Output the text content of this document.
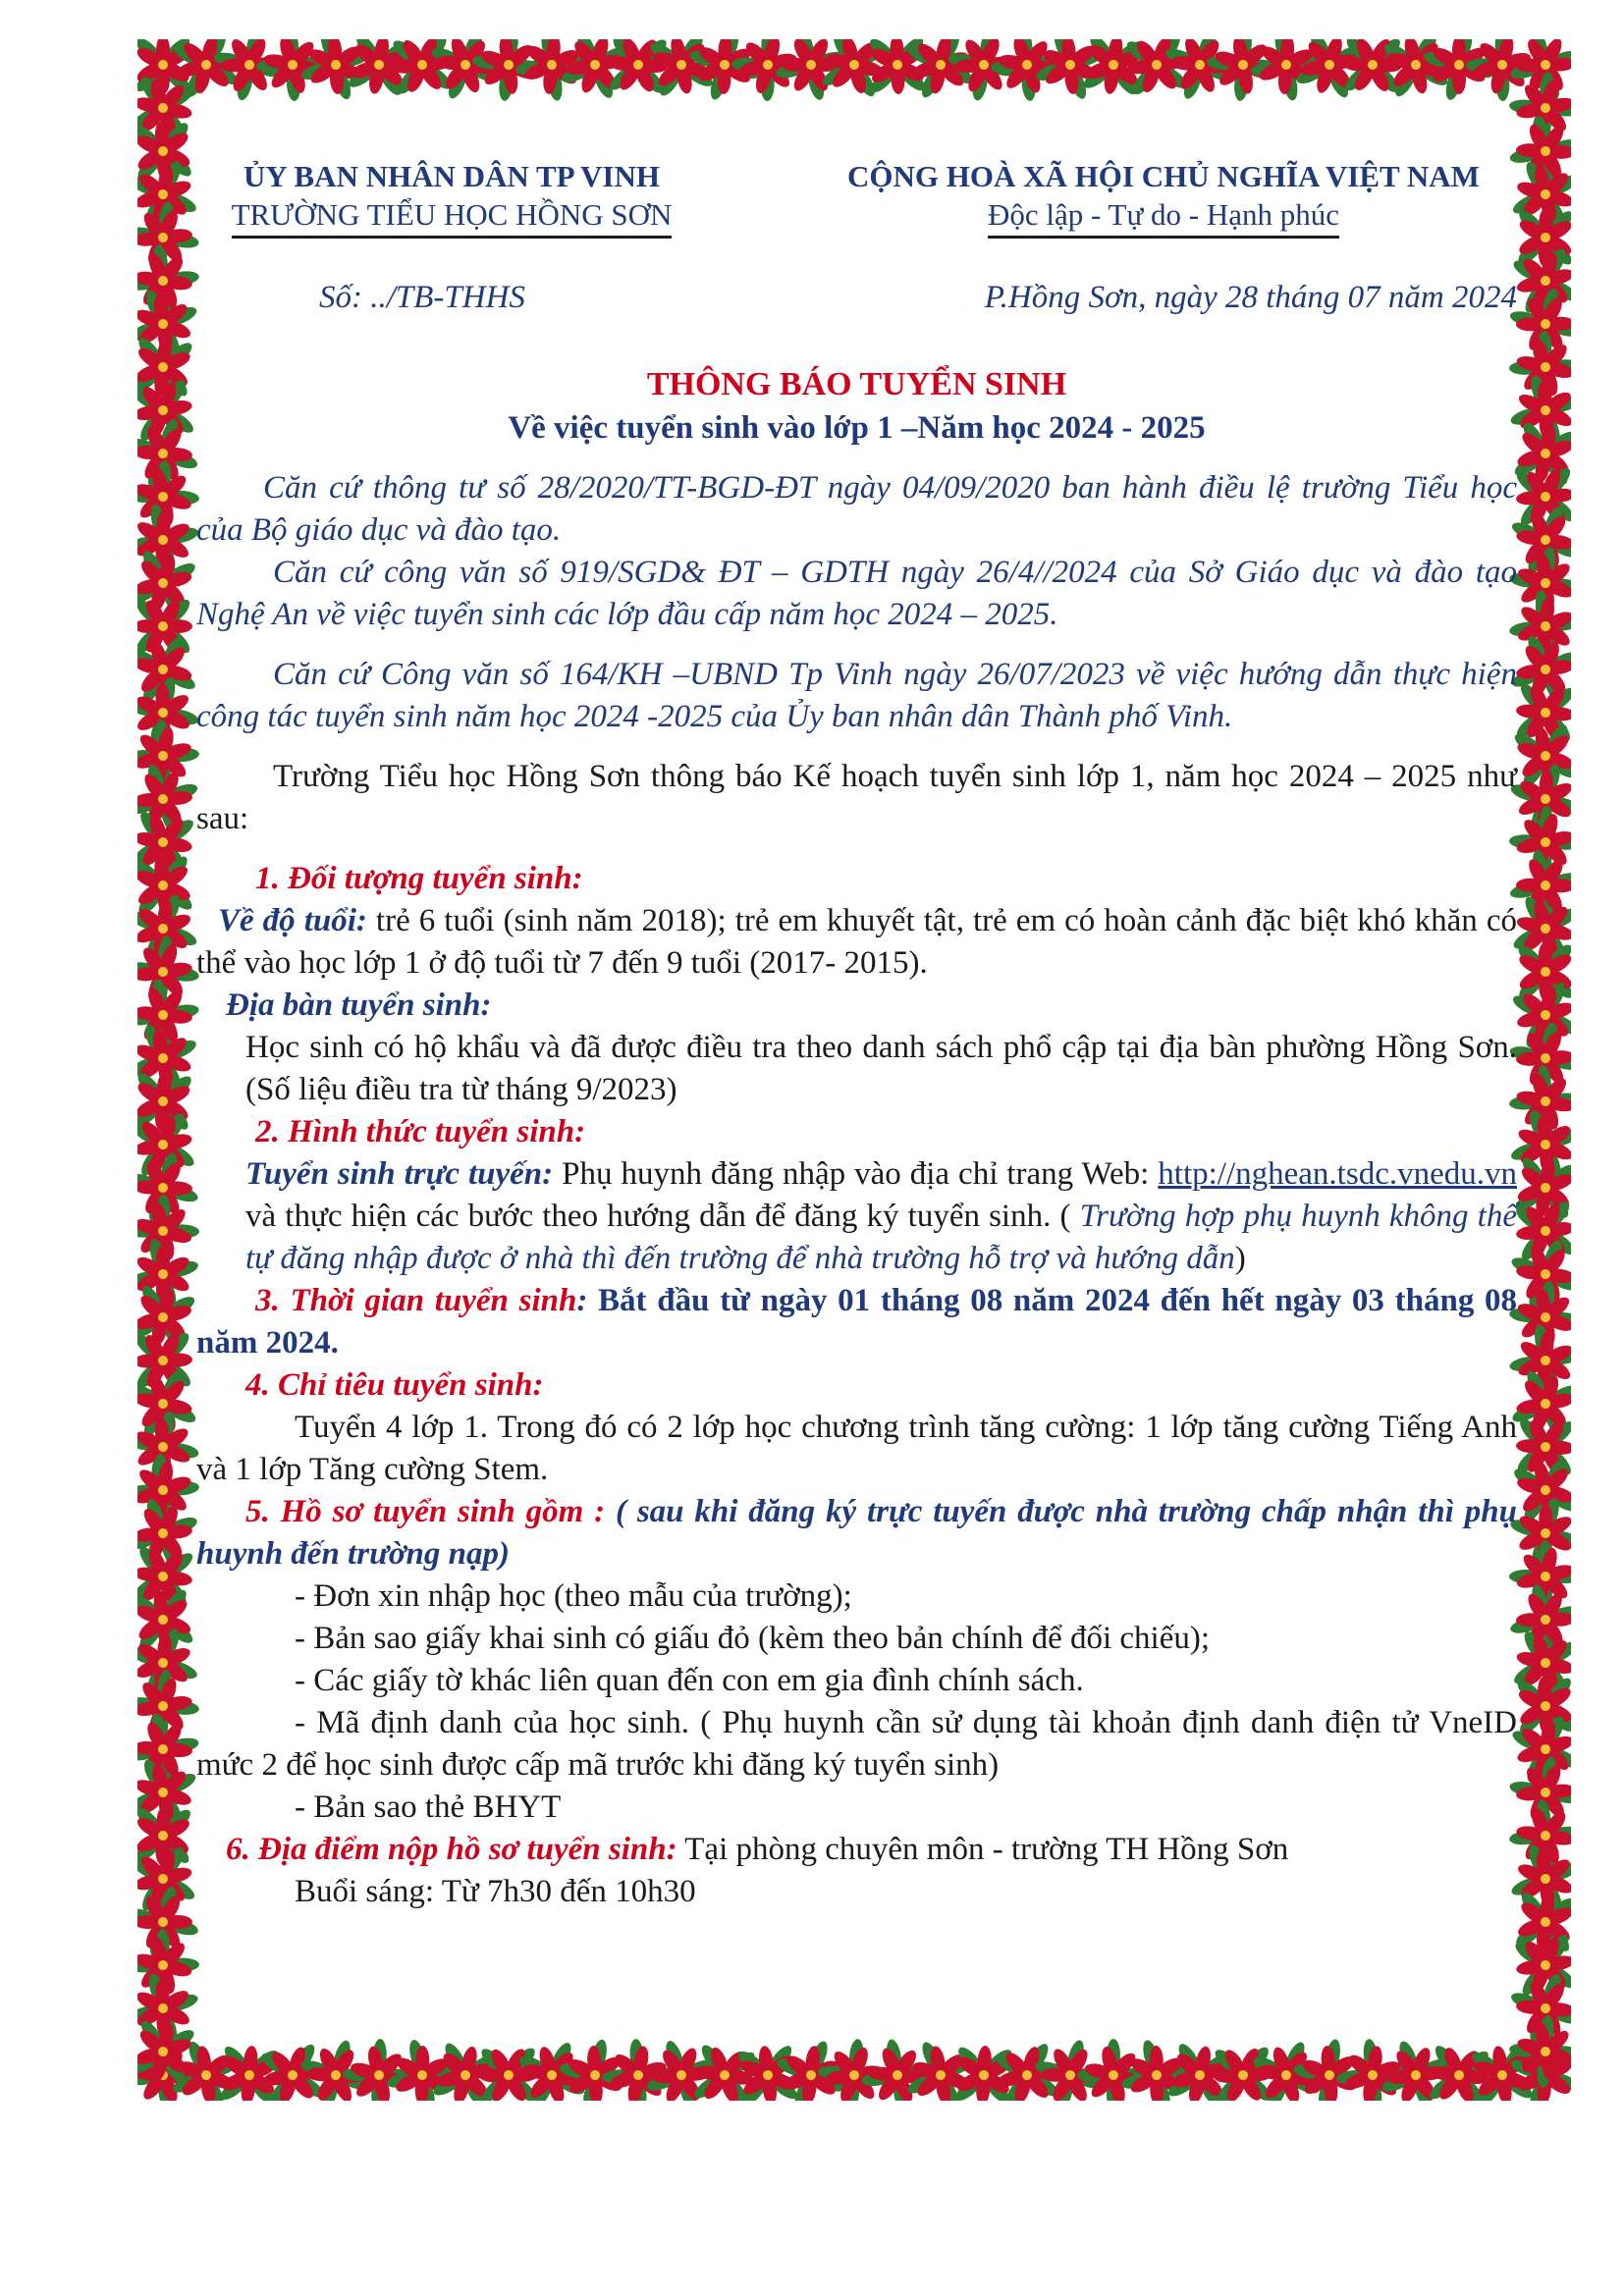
ỦY BAN NHÂN DÂN TP VINH
TRƯỜNG TIỂU HỌC HỒNG SƠN
CỘNG HOÀ XÃ HỘI CHỦ NGHĨA VIỆT NAM
Độc lập - Tự do - Hạnh phúc
Số: ../TB-THHS	P.Hồng Sơn, ngày 28 tháng 07 năm 2024
THÔNG BÁO TUYỂN SINH
Về việc tuyển sinh vào lớp 1 –Năm học 2024 - 2025

Căn cứ thông tư số 28/2020/TT-BGD-ĐT ngày 04/09/2020 ban hành điều lệ trường Tiểu học của Bộ giáo dục và đào tạo.

Căn cứ công văn số 919/SGD& ĐT – GDTH ngày 26/4//2024 của Sở Giáo dục và đào tạo Nghệ An về việc tuyển sinh các lớp đầu cấp năm học 2024 – 2025.

Căn cứ Công văn số 164/KH –UBND Tp Vinh ngày 26/07/2023 về việc hướng dẫn thực hiện công tác tuyển sinh năm học 2024 -2025 của Ủy ban nhân dân Thành phố Vinh.

Trường Tiểu học Hồng Sơn thông báo Kế hoạch tuyển sinh lớp 1, năm học 2024 – 2025 như sau:

1. Đối tượng tuyển sinh:

Về độ tuổi: trẻ 6 tuổi (sinh năm 2018); trẻ em khuyết tật, trẻ em có hoàn cảnh đặc biệt khó khăn có thể vào học lớp 1 ở độ tuổi từ 7 đến 9 tuổi (2017- 2015).

Địa bàn tuyển sinh:

Học sinh có hộ khẩu và đã được điều tra theo danh sách phổ cập tại địa bàn phường Hồng Sơn. (Số liệu điều tra từ tháng 9/2023)

2. Hình thức tuyển sinh:

Tuyển sinh trực tuyến: Phụ huynh đăng nhập vào địa chỉ trang Web: http://nghean.tsdc.vnedu.vn và thực hiện các bước theo hướng dẫn để đăng ký tuyển sinh. ( Trường hợp phụ huynh không thể tự đăng nhập được ở nhà thì đến trường để nhà trường hỗ trợ và hướng dẫn)

3. Thời gian tuyển sinh: Bắt đầu từ ngày 01 tháng 08 năm 2024 đến hết ngày 03 tháng 08 năm 2024.

4. Chỉ tiêu tuyển sinh:

Tuyển 4 lớp 1. Trong đó có 2 lớp học chương trình tăng cường: 1 lớp tăng cường Tiếng Anh và 1 lớp Tăng cường Stem.

5. Hồ sơ tuyển sinh gồm : ( sau khi đăng ký trực tuyến được nhà trường chấp nhận thì phụ huynh đến trường nạp)

- Đơn xin nhập học (theo mẫu của trường);

- Bản sao giấy khai sinh có giấu đỏ (kèm theo bản chính để đối chiếu);

- Các giấy tờ khác liên quan đến con em gia đình chính sách.

- Mã định danh của học sinh. ( Phụ huynh cần sử dụng tài khoản định danh điện tử VneID mức 2 để học sinh được cấp mã trước khi đăng ký tuyển sinh)

- Bản sao thẻ BHYT

6. Địa điểm nộp hồ sơ tuyển sinh: Tại phòng chuyên môn - trường TH Hồng Sơn

Buổi sáng: Từ 7h30 đến 10h30
